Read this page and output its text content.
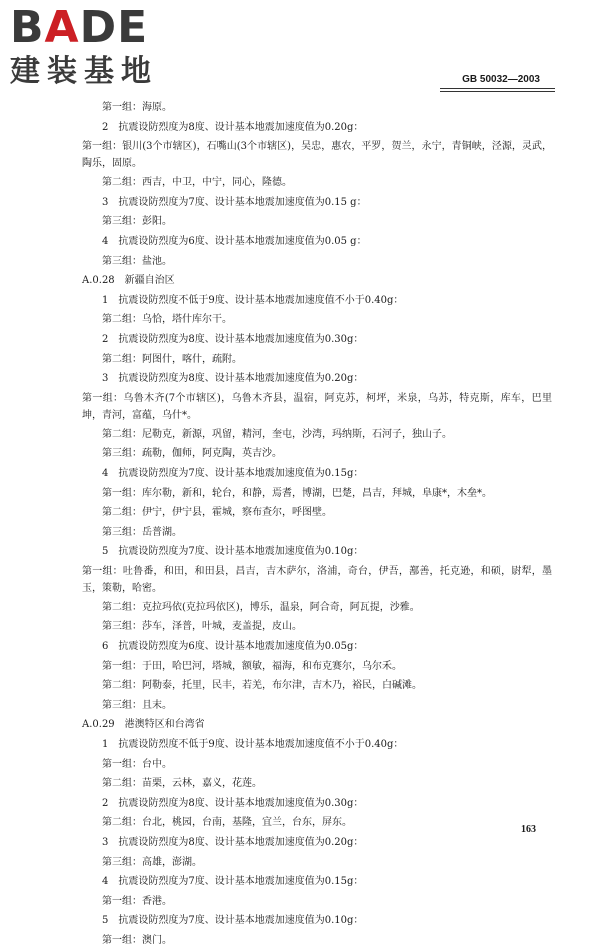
BADE
建装基地	GB 50032—2003
第一组：海原。
2　抗震设防烈度为8度、设计基本地震加速度值为0.20g：
第一组：银川(3个市辖区)，石嘴山(3个市辖区)，吴忠，惠农，平罗，贺兰，永宁，青铜峡，泾源，灵武，陶乐，固原。
第二组：西吉，中卫，中宁，同心，隆德。
3　抗震设防烈度为7度、设计基本地震加速度值为0.15 g：
第三组：彭阳。
4　抗震设防烈度为6度、设计基本地震加速度值为0.05 g：
第三组：盐池。
A.0.28　新疆自治区
1　抗震设防烈度不低于9度、设计基本地震加速度值不小于0.40g：
第二组：乌恰，塔什库尔干。
2　抗震设防烈度为8度、设计基本地震加速度值为0.30g：
第二组：阿图什，喀什，疏附。
3　抗震设防烈度为8度、设计基本地震加速度值为0.20g：
第一组：乌鲁木齐(7个市辖区)，乌鲁木齐县，温宿，阿克苏，柯坪，米泉，乌苏，特克斯，库车，巴里坤，青河，富蕴，乌什*。
第二组：尼勒克，新源，巩留，精河，奎屯，沙湾，玛纳斯，石河子，独山子。
第三组：疏勒，伽师，阿克陶，英吉沙。
4　抗震设防烈度为7度、设计基本地震加速度值为0.15g：
第一组：库尔勒，新和，轮台，和静，焉耆，博湖，巴楚，昌吉，拜城，阜康*，木垒*。
第二组：伊宁，伊宁县，霍城，察布查尔，呼图壁。
第三组：岳普湖。
5　抗震设防烈度为7度、设计基本地震加速度值为0.10g：
第一组：吐鲁番，和田，和田县，昌吉，吉木萨尔，洛浦，奇台，伊吾，鄯善，托克逊，和硕，尉犁，墨玉，策勒，哈密。
第二组：克拉玛依(克拉玛依区)，博乐，温泉，阿合奇，阿瓦提，沙雅。
第三组：莎车，泽普，叶城，麦盖提，皮山。
6　抗震设防烈度为6度、设计基本地震加速度值为0.05g：
第一组：于田，哈巴河，塔城，额敏，福海，和布克赛尔，乌尔禾。
第二组：阿勒泰，托里，民丰，若羌，布尔津，吉木乃，裕民，白碱滩。
第三组：且末。
A.0.29　港澳特区和台湾省
1　抗震设防烈度不低于9度、设计基本地震加速度值不小于0.40g：
第一组：台中。
第二组：苗栗，云林，嘉义，花莲。
2　抗震设防烈度为8度、设计基本地震加速度值为0.30g：
第二组：台北，桃园，台南，基隆，宜兰，台东，屏东。
3　抗震设防烈度为8度、设计基本地震加速度值为0.20g：
第三组：高雄，澎湖。
4　抗震设防烈度为7度、设计基本地震加速度值为0.15g：
第一组：香港。
5　抗震设防烈度为7度、设计基本地震加速度值为0.10g：
第一组：澳门。
163
